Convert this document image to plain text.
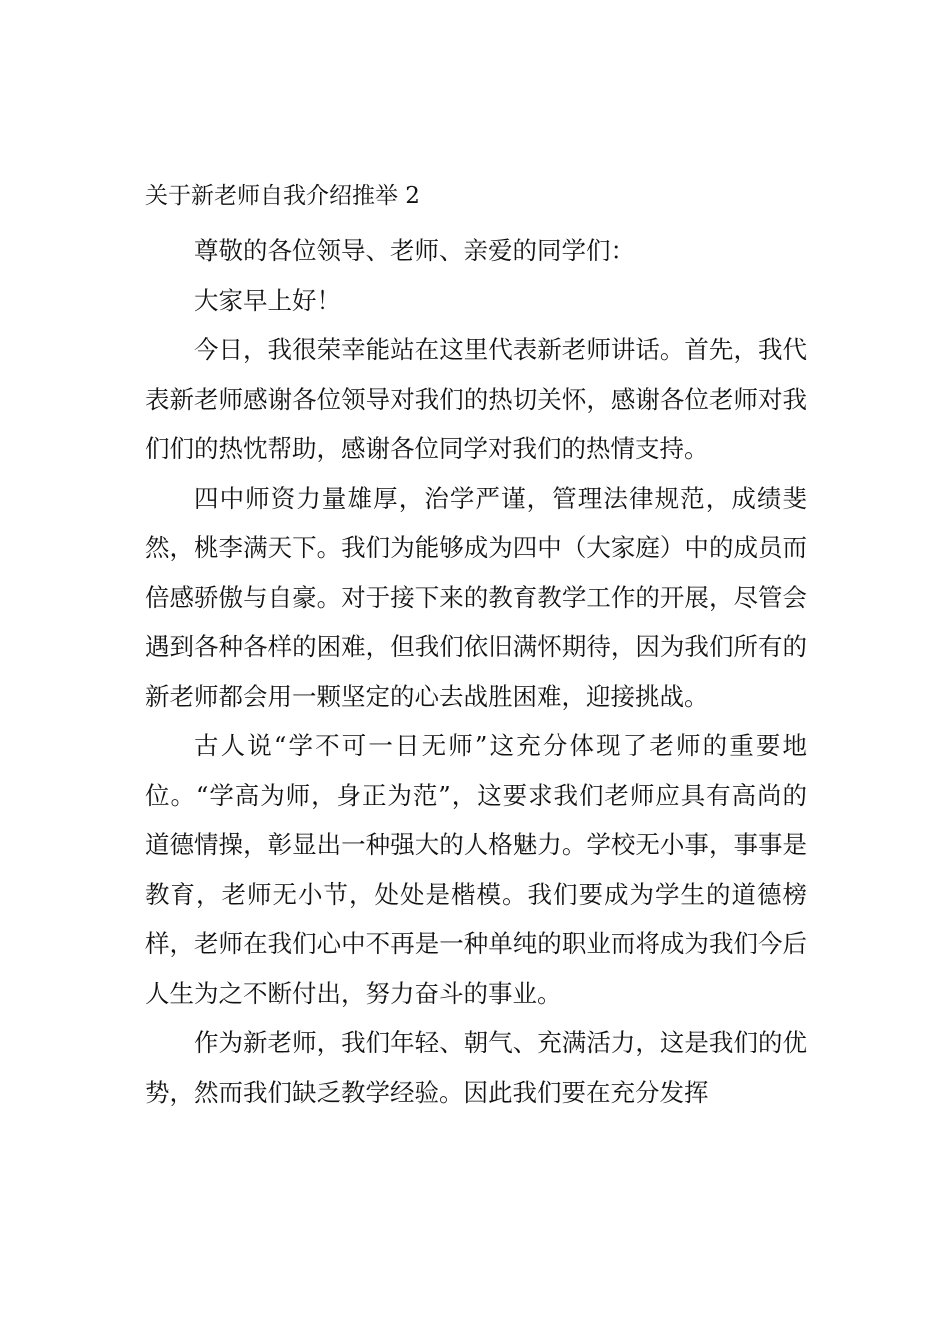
关于新老师自我介绍推举 2

尊敬的各位领导、老师、亲爱的同学们：

大家早上好！

今日，我很荣幸能站在这里代表新老师讲话。首先，我代表新老师感谢各位领导对我们的热切关怀，感谢各位老师对我们们的热忱帮助，感谢各位同学对我们的热情支持。

四中师资力量雄厚，治学严谨，管理法律规范，成绩斐然，桃李满天下。我们为能够成为四中（大家庭）中的成员而倍感骄傲与自豪。对于接下来的教育教学工作的开展，尽管会遇到各种各样的困难，但我们依旧满怀期待，因为我们所有的新老师都会用一颗坚定的心去战胜困难，迎接挑战。

古人说“学不可一日无师”这充分体现了老师的重要地位。“学高为师，身正为范”，这要求我们老师应具有高尚的道德情操，彰显出一种强大的人格魅力。学校无小事，事事是教育，老师无小节，处处是楷模。我们要成为学生的道德榜样，老师在我们心中不再是一种单纯的职业而将成为我们今后人生为之不断付出，努力奋斗的事业。

作为新老师，我们年轻、朝气、充满活力，这是我们的优势，然而我们缺乏教学经验。因此我们要在充分发挥
